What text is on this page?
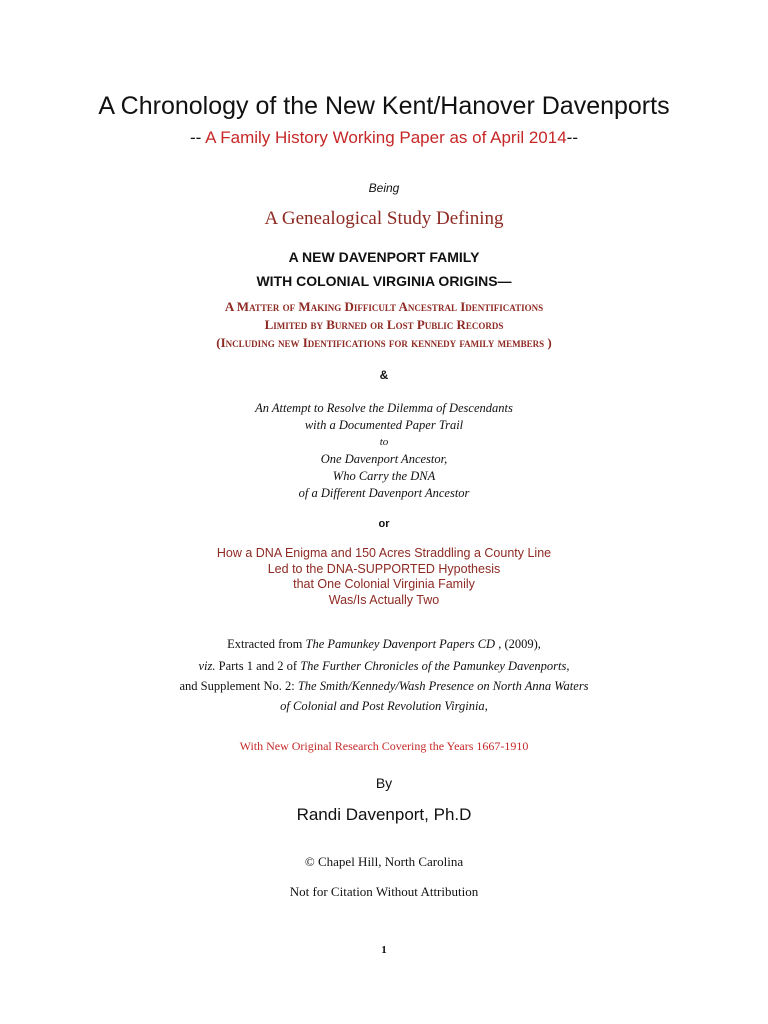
A Chronology of the New Kent/Hanover Davenports
-- A Family History Working Paper as of April 2014--
Being
A Genealogical Study Defining
A NEW DAVENPORT FAMILY
WITH COLONIAL VIRGINIA ORIGINS—
A Matter of Making Difficult Ancestral Identifications
Limited by Burned or Lost Public Records
(Including new Identifications for kennedy family members )
&
An Attempt to Resolve the Dilemma of Descendants
with a Documented Paper Trail
to
One Davenport Ancestor,
Who Carry the DNA
of a Different Davenport Ancestor
or
How a DNA Enigma and 150 Acres Straddling a County Line
Led to the DNA-SUPPORTED Hypothesis
that One Colonial Virginia Family
Was/Is Actually Two
Extracted from The Pamunkey Davenport Papers CD , (2009),
viz. Parts 1 and 2 of The Further Chronicles of the Pamunkey Davenports,
and Supplement No. 2: The Smith/Kennedy/Wash Presence on North Anna Waters
of Colonial and Post Revolution Virginia,
With New Original Research Covering the Years 1667-1910
By
Randi Davenport, Ph.D
© Chapel Hill, North Carolina
Not for Citation Without Attribution
1
